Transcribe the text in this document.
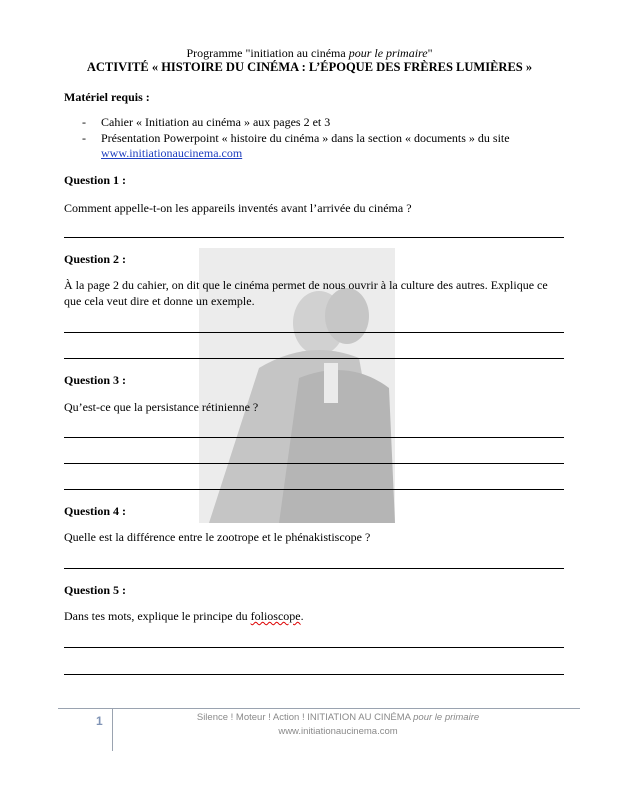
Programme "initiation au cinéma pour le primaire"
ACTIVITÉ « HISTOIRE DU CINÉMA : L’ÉPOQUE DES FRÈRES LUMIÈRES »
Matériel requis :
- Cahier « Initiation au cinéma » aux pages 2 et 3
- Présentation Powerpoint « histoire du cinéma » dans la section « documents » du site
www.initiationaucinema.com
Question 1 :
Comment appelle-t-on les appareils inventés avant l’arrivée du cinéma ?
Question 2 :
À la page 2 du cahier, on dit que le cinéma permet de nous ouvrir à la culture des autres. Explique ce que cela veut dire et donne un exemple.
Question 3 :
Qu’est-ce que la persistance rétinienne ?
Question 4 :
Quelle est la différence entre le zootrope et le phénakistiscope ?
Question 5 :
Dans tes mots, explique le principe du folioscope.
1	Silence ! Moteur ! Action ! INITIATION AU CINÉMA pour le primaire
www.initiationaucinema.com
